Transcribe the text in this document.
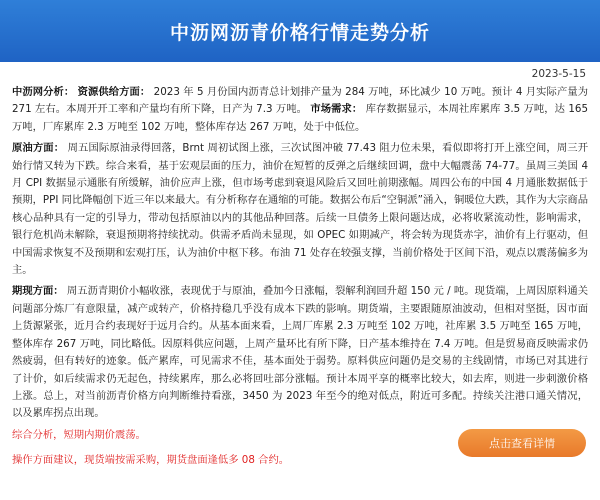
中沥网沥青价格行情走势分析
2023-5-15

中沥网分析： 资源供给方面： 2023 年 5 月份国内沥青总计划排产量为 284 万吨，环比减少 10 万吨。预计 4 月实际产量为 271 左右。本周开开工率和产量均有所下降，日产为 7.3 万吨。 市场需求： 库存数据显示，本周社库累库 3.5 万吨，达 165 万吨，厂库累库 2.3 万吨至 102 万吨，整体库存达 267 万吨，处于中低位。

原油方面： 周五国际原油录得回落，Brnt 周初试图上涨，三次试图冲破 77.43 阻力位未果，看似即将打开上涨空间，周三开始行情又转为下跌。综合来看，基于宏观层面的压力，油价在短暂的反弹之后继续回调，盘中大幅震荡 74-77。虽周三美国 4 月 CPI 数据显示通胀有所缓解，油价应声上涨，但市场考虑到衰退风险后又回吐前期涨幅。周四公布的中国 4 月通胀数据低于预期，PPI 同比降幅创下近三年以来最大。有分析称存在通缩的可能。数据公布后“空铜派”涌入，铜暖位大跌，其作为大宗商品核心品种具有一定的引导力，带动包括原油以内的其他品种回落。后续一旦债务上限问题达成，必将收紧流动性，影响需求，银行危机尚未解除，衰退预期将持续扰动。供需矛盾尚未显现，如 OPEC 如期减产，将会转为现货赤字，油价有上行驱动，但中国需求恢复不及预期和宏观打压，认为油价中枢下移。布油 71 处存在较强支撑，当前价格处于区间下沿，观点以震荡偏多为主。

期现方面： 周五沥青期价小幅收涨，表现优于与原油，叠加今日涨幅，裂解利润回升超 150 元 / 吨。现货端，上周因原料通关问题部分炼厂有意限量，减产或转产，价格持稳几乎没有成本下跌的影响。期货端，主要跟随原油波动，但相对坚挺，因市面上货源紧张，近月合约表现好于远月合约。从基本面来看，上周厂库累 2.3 万吨至 102 万吨，社库累 3.5 万吨至 165 万吨，整体库存 267 万吨，同比略低。因原料供应问题，上周产量环比有所下降，日产基本维持在 7.4 万吨。但是贸易商反映需求仍然疲弱，但有转好的迹象。低产累库，可见需求不佳，基本面处于弱势。原料供应问题仍是交易的主线剧情，市场已对其进行了计价，如后续需求仍无起色，持续累库，那么必将回吐部分涨幅。预计本周平享的概率比较大，如去库，则进一步刺激价格上涨。总上，对当前沥青价格方向判断维持看涨，3450 为 2023 年至今的绝对低点，附近可多配。持续关注港口通关情况，以及累库拐点出现。

综合分析，短期内期价震荡。

操作方面建议，现货端按需采购，期货盘面逢低多 08 合约。

点击查看详情
